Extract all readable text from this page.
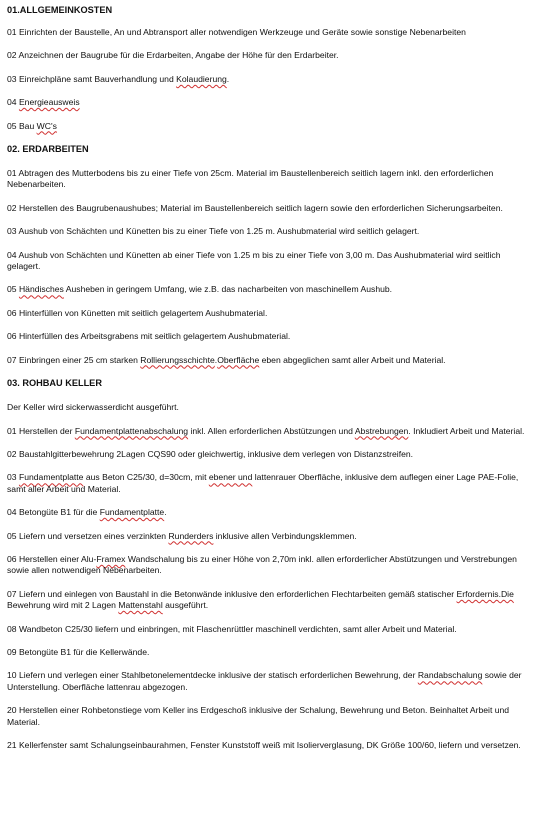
01.ALLGEMEINKOSTEN
01 Einrichten der Baustelle, An und Abtransport aller notwendigen Werkzeuge und Geräte sowie sonstige Nebenarbeiten
02 Anzeichnen der Baugrube für die Erdarbeiten, Angabe der Höhe für den Erdarbeiter.
03 Einreichpläne samt Bauverhandlung und Kolaudierung.
04 Energieausweis
05 Bau WC's
02. ERDARBEITEN
01 Abtragen des Mutterbodens bis zu einer Tiefe von 25cm. Material im Baustellenbereich seitlich lagern inkl. den erforderlichen Nebenarbeiten.
02 Herstellen des Baugrubenaushubes; Material im Baustellenbereich seitlich lagern sowie den erforderlichen Sicherungsarbeiten.
03 Aushub von Schächten und Künetten bis zu einer Tiefe von 1.25 m. Aushubmaterial wird seitlich gelagert.
04 Aushub von Schächten und Künetten ab einer Tiefe von 1.25 m bis zu einer Tiefe von 3,00 m. Das Aushubmaterial wird seitlich gelagert.
05 Händisches Ausheben in geringem Umfang, wie z.B. das nacharbeiten von maschinellem Aushub.
06 Hinterfüllen von Künetten mit seitlich gelagertem Aushubmaterial.
06 Hinterfüllen des Arbeitsgrabens mit seitlich gelagertem Aushubmaterial.
07 Einbringen einer 25 cm starken Rollierungsschichte.Oberfläche eben abgeglichen samt aller Arbeit und Material.
03. ROHBAU KELLER
Der Keller wird sickerwasserdicht ausgeführt.
01 Herstellen der Fundamentplattenabschalung inkl. Allen erforderlichen Abstützungen und Abstrebungen. Inkludiert Arbeit und Material.
02 Baustahlgitterbewehrung 2Lagen CQS90 oder gleichwertig, inklusive dem verlegen von Distanzstreifen.
03 Fundamentplatte aus Beton C25/30, d=30cm, mit ebener und lattenrauer Oberfläche, inklusive dem auflegen einer Lage PAE-Folie, samt aller Arbeit und Material.
04 Betongüte B1 für die Fundamentplatte.
05 Liefern und versetzen eines verzinkten Runderders inklusive allen Verbindungsklemmen.
06 Herstellen einer Alu-Framex Wandschalung bis zu einer Höhe von 2,70m inkl. allen erforderlicher Abstützungen und Verstrebungen sowie allen notwendigen Nebenarbeiten.
07 Liefern und einlegen von Baustahl in die Betonwände inklusive den erforderlichen Flechtarbeiten gemäß statischer Erfordernis.Die Bewehrung wird mit 2 Lagen Mattenstahl ausgeführt.
08 Wandbeton C25/30 liefern und einbringen, mit Flaschenrüttler maschinell verdichten, samt aller Arbeit und Material.
09 Betongüte B1 für die Kellerwände.
10 Liefern und verlegen einer Stahlbetonelementdecke inklusive der statisch erforderlichen Bewehrung, der Randabschalung sowie der Unterstellung. Oberfläche lattenrau abgezogen.
20 Herstellen einer Rohbetonstiege vom Keller ins Erdgeschoß inklusive der Schalung, Bewehrung und Beton. Beinhaltet Arbeit und Material.
21 Kellerfenster samt Schalungseinbaurahmen, Fenster Kunststoff weiß mit Isolierverglasung, DK Größe 100/60, liefern und versetzen.
